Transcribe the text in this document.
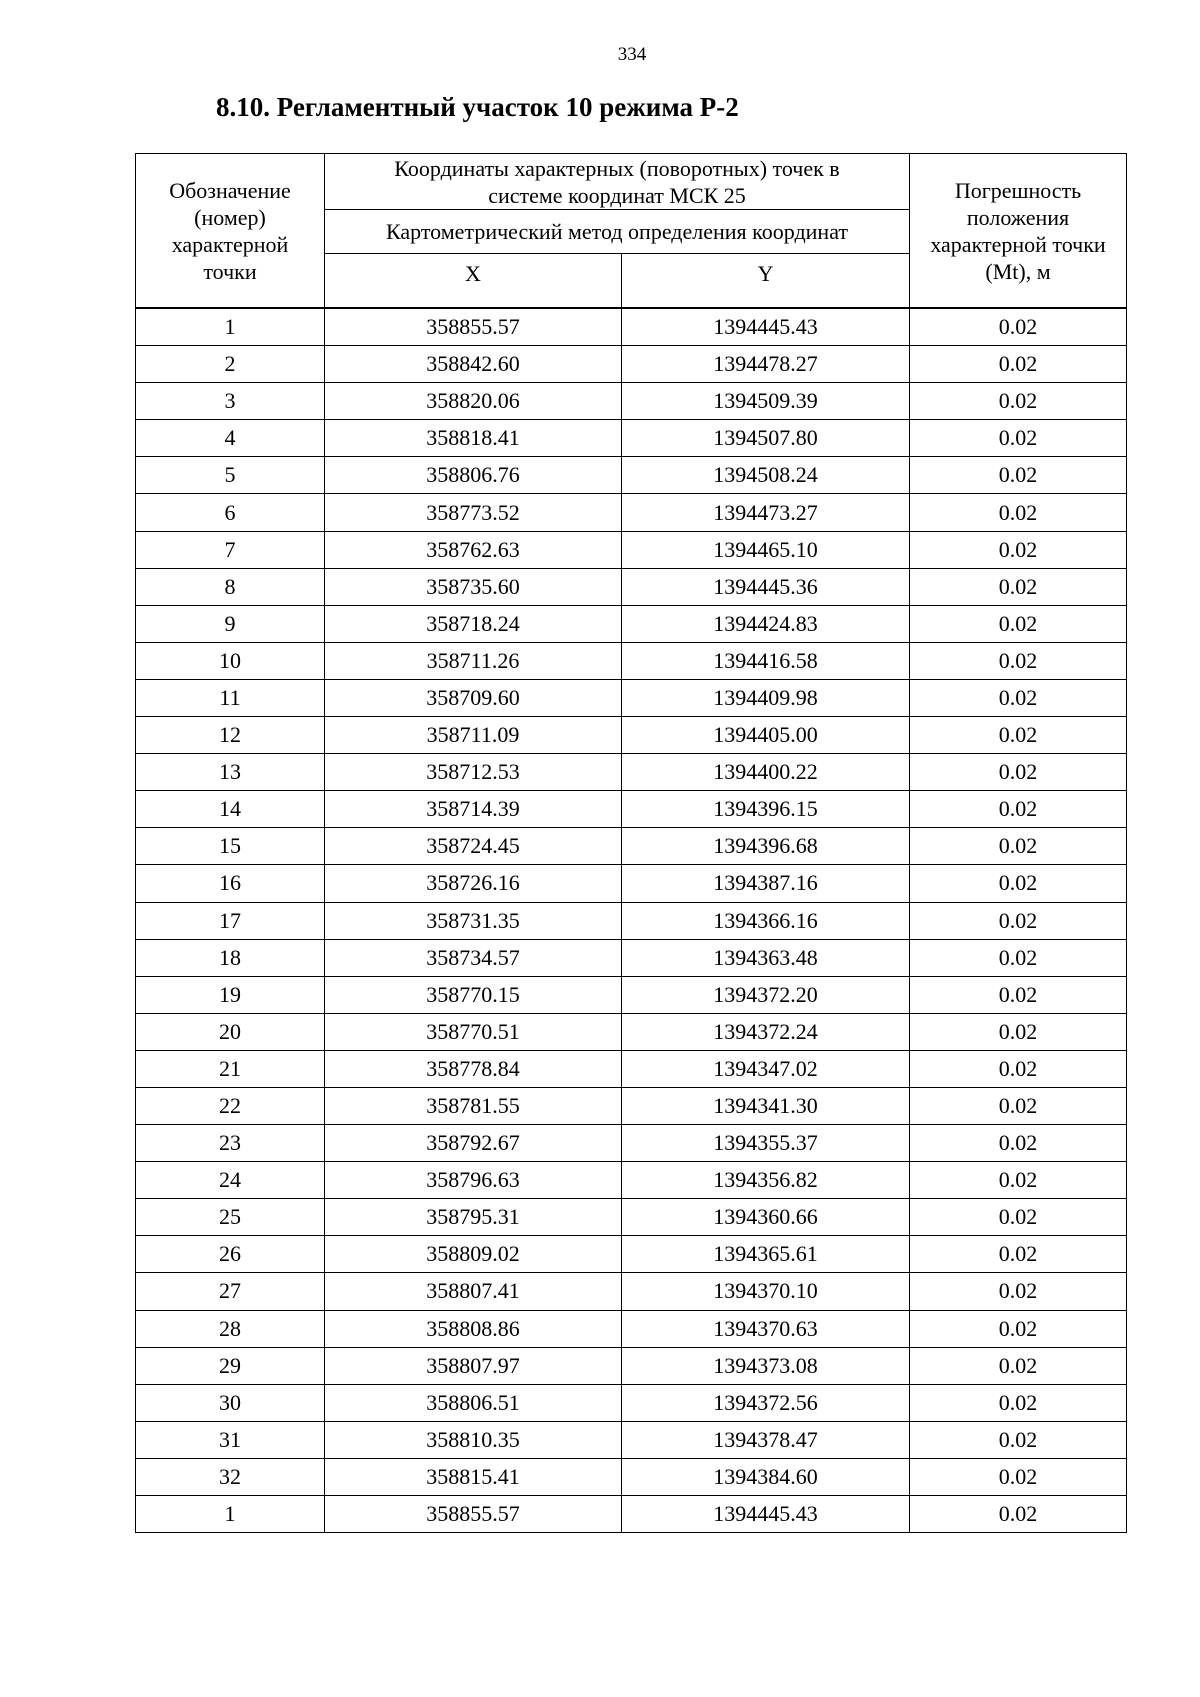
334
8.10. Регламентный участок 10 режима Р-2
Обозначение (номер) характерной точки	Координаты характерных (поворотных) точек в системе координат МСК 25		Погрешность положения характерной точки (Mt), м
	Картометрический метод определения координат		
	X	Y	
1	358855.57	1394445.43	0.02
2	358842.60	1394478.27	0.02
3	358820.06	1394509.39	0.02
4	358818.41	1394507.80	0.02
5	358806.76	1394508.24	0.02
6	358773.52	1394473.27	0.02
7	358762.63	1394465.10	0.02
8	358735.60	1394445.36	0.02
9	358718.24	1394424.83	0.02
10	358711.26	1394416.58	0.02
11	358709.60	1394409.98	0.02
12	358711.09	1394405.00	0.02
13	358712.53	1394400.22	0.02
14	358714.39	1394396.15	0.02
15	358724.45	1394396.68	0.02
16	358726.16	1394387.16	0.02
17	358731.35	1394366.16	0.02
18	358734.57	1394363.48	0.02
19	358770.15	1394372.20	0.02
20	358770.51	1394372.24	0.02
21	358778.84	1394347.02	0.02
22	358781.55	1394341.30	0.02
23	358792.67	1394355.37	0.02
24	358796.63	1394356.82	0.02
25	358795.31	1394360.66	0.02
26	358809.02	1394365.61	0.02
27	358807.41	1394370.10	0.02
28	358808.86	1394370.63	0.02
29	358807.97	1394373.08	0.02
30	358806.51	1394372.56	0.02
31	358810.35	1394378.47	0.02
32	358815.41	1394384.60	0.02
1	358855.57	1394445.43	0.02
